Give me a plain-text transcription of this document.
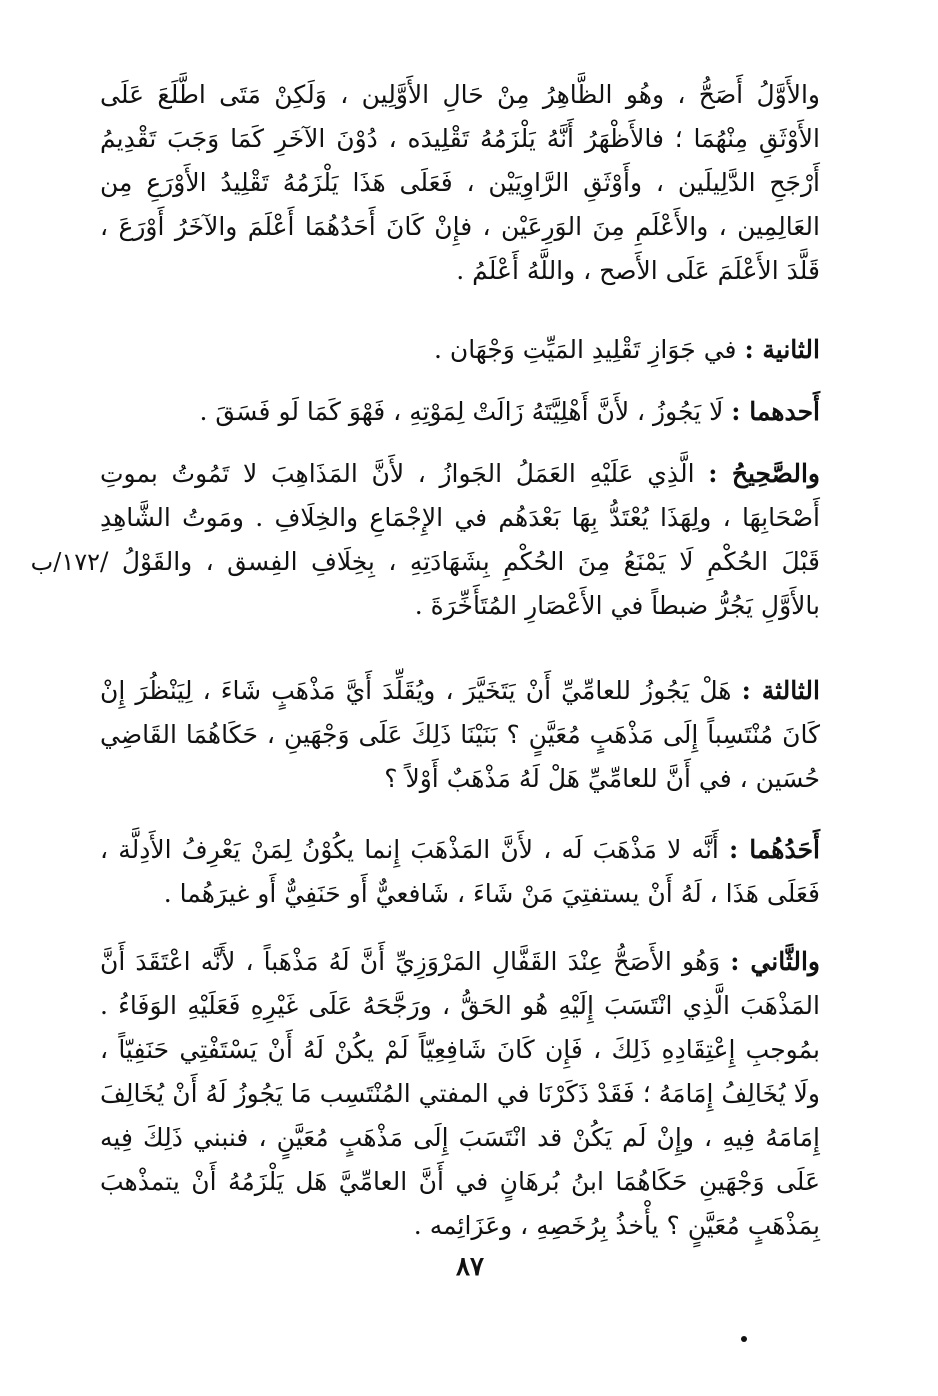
والأَوَّلُ أَصَحُّ ، وهُو الظَّاهِرُ مِنْ حَالِ الأَوَّلِين ، وَلَكِنْ مَتَى اطَّلَعَ عَلَى الأَوْثَقِ مِنْهُمَا ؛ فالأَظْهَرُ أَنَّهُ يَلْزَمُهُ تَقْلِيدَه ، دُوْنَ الآخَرِ كَمَا وَجَبَ تَقْدِيمُ أَرْجَحِ الدَّلِيلَين ، وأَوْثَقِ الرَّاوِيَيْن ، فَعَلَى هَذَا يَلْزَمُهُ تَقْلِيدُ الأَوْرَعِ مِن العَالِمِين ، والأَعْلَمِ مِنَ الوَرِعَيْن ، فإِنْ كَانَ أَحَدُهُمَا أَعْلَمَ والآخَرُ أَوْرَعَ ، قَلَّدَ الأَعْلَمَ عَلَى الأَصح ، واللَّهُ أَعْلَمُ .
الثانية : في جَوَازِ تَقْلِيدِ المَيِّتِ وَجْهَان .
أَحدهما : لَا يَجُوزُ ، لأَنَّ أَهْلِيَّتَهُ زَالَتْ لِمَوْتِهِ ، فَهْوَ كَمَا لَو فَسَقَ .
والصَّحِيحُ : الَّذِي عَلَيْهِ العَمَلُ الجَوازُ ، لأَنَّ المَذَاهِبَ لا تَمُوتُ بموتِ أَصْحَابِهَا ، ولِهَذَا يُعْتَدُّ بِهَا بَعْدَهُم في الإِجْمَاعِ والخِلَافِ . ومَوتُ الشَّاهِدِ قَبْلَ الحُكْمِ لَا يَمْنَعُ مِنَ الحُكْمِ بِشَهَادَتِهِ ، بِخِلَافِ الفِسق ، والقَوْلُ / بالأَوَّلِ يَجُرُّ ضبطاً في الأَعْصَارِ المُتَأَخِّرَةَ .
١٧٢/ب
الثالثة : هَلْ يَجُوزُ للعامِّيِّ أَنْ يَتَخَيَّرَ ، ويُقَلِّدَ أَيَّ مَذْهَبٍ شَاءَ ، لِيَنْظُرَ إِنْ كَانَ مُنْتَسِباً إِلَى مَذْهَبٍ مُعَيَّنٍ ؟ بَنَيْنَا ذَلِكَ عَلَى وَجْهَينِ ، حَكَاهُمَا القَاضِي حُسَين ، في أَنَّ للعامِّيِّ هَلْ لَهُ مَذْهَبٌ أَوْلاً ؟
أَحَدُهُما : أَنَّه لا مَذْهَبَ لَه ، لأَنَّ المَذْهَبَ إِنما يكُوْنُ لِمَنْ يَعْرِفُ الأَدِلَّة ، فَعَلَى هَذَا ، لَهُ أَنْ يستفتِيَ مَنْ شَاءَ ، شَافعيٌّ أَو حَنَفِيٌّ أَو غيرَهُما .
والثَّاني : وَهُو الأَصَحُّ عِنْدَ القَفَّالِ المَرْوَزِيِّ أَنَّ لَهُ مَذْهَباً ، لأَنَّه اعْتَقَدَ أَنَّ المَذْهَبَ الَّذِي انْتَسَبَ إِلَيْهِ هُو الحَقُّ ، ورَجَّحَهُ عَلَى غَيْرِهِ فَعَلَيْهِ الوَفَاءُ . بمُوجبِ إِعْتِقَادِهِ ذَلِكَ ، فَإِن كَانَ شَافِعِيّاً لَمْ يكُنْ لَهُ أَنْ يَسْتَفْتِي حَنَفِيّاً ، ولَا يُخَالِفُ إِمَامَهُ ؛ فَقَدْ ذَكَرْنَا في المفتي المُنْتَسِب مَا يَجُوزُ لَهُ أَنْ يُخَالِفَ إِمَامَهُ فِيهِ ، وإِنْ لَم يَكُنْ قد انْتَسَبَ إِلَى مَذْهَبٍ مُعَيَّنٍ ، فنبني ذَلِكَ فِيه عَلَى وَجْهَينِ حَكَاهُمَا ابنُ بُرهَانٍ في أَنَّ العامِّيَّ هَل يَلْزَمُهُ أَنْ يتمذْهبَ بِمَذْهَبٍ مُعَيَّنٍ ؟ يأْخذُ بِرُخَصِهِ ، وعَزَائِمه .
٨٧
